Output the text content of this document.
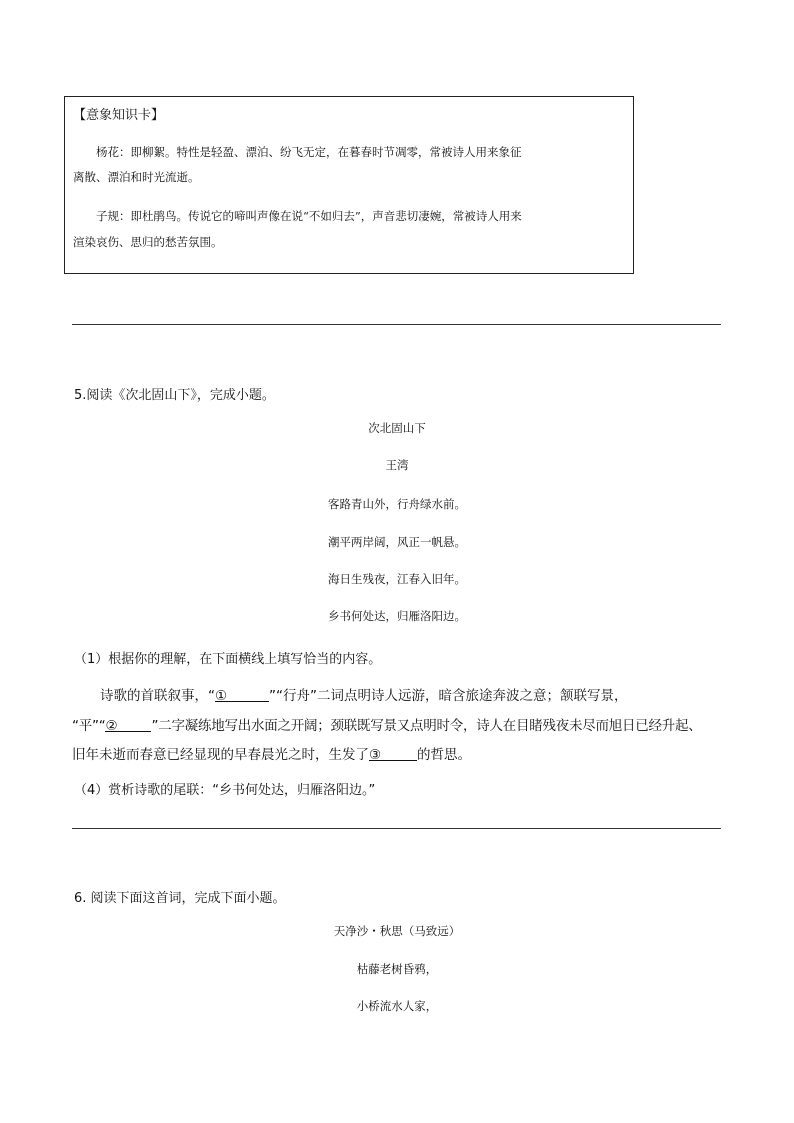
【意象知识卡】
　　杨花：即柳絮。特性是轻盈、漂泊、纷飞无定，在暮春时节凋零，常被诗人用来象征
离散、漂泊和时光流逝。
　　子规：即杜鹃鸟。传说它的啼叫声像在说“不如归去”，声音悲切凄婉，常被诗人用来
渲染哀伤、思归的愁苦氛围。
5.阅读《次北固山下》，完成小题。
次北固山下
王湾
客路青山外，行舟绿水前。
潮平两岸阔，风正一帆悬。
海日生残夜，江春入旧年。
乡书何处达，归雁洛阳边。
（1）根据你的理解，在下面横线上填写恰当的内容。
诗歌的首联叙事，“①	”“行舟”二词点明诗人远游，暗含旅途奔波之意；颔联写景，
“平”“②	”二字凝练地写出水面之开阔；颈联既写景又点明时令，诗人在目睹残夜未尽而旭日已经升起、
旧年未逝而春意已经显现的早春晨光之时，生发了③	的哲思。
（4）赏析诗歌的尾联：“乡书何处达，归雁洛阳边。”
6. 阅读下面这首词，完成下面小题。
天净沙・秋思（马致远）
枯藤老树昏鸦，
小桥流水人家，
